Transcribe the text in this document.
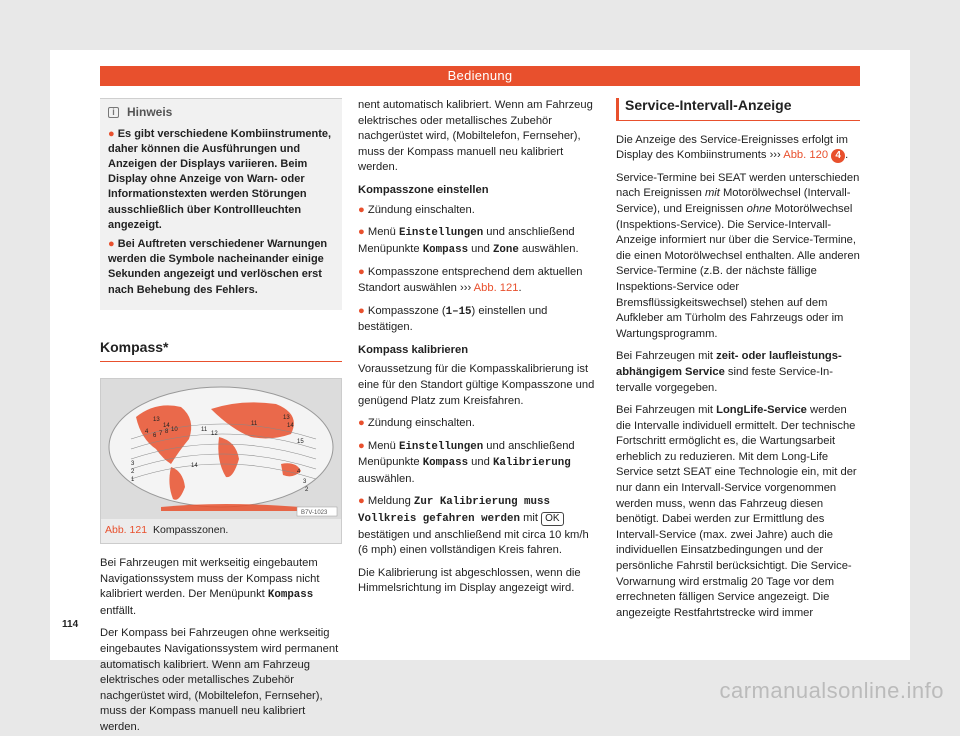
Bedienung
i	Hinweis
● Es gibt verschiedene Kombiinstrumente, daher können die Ausführungen und Anzeigen der Displays variieren. Beim Display ohne Anzeige von Warn- oder Informationstexten werden Störungen ausschließlich über Kontrollleuchten angezeigt.
● Bei Auftreten verschiedener Warnungen werden die Symbole nacheinander einige Sekunden angezeigt und verlöschen erst nach Behebung des Fehlers.
Kompass*
13
14
4
6 7 8 10	11
12
11
13
14
15
14
3
2
1
4
3
2
B7V-1023
Abb. 121 Kompasszonen.

Bei Fahrzeugen mit werkseitig eingebautem Navigationssystem muss der Kompass nicht kalibriert werden. Der Menüpunkt Kompass entfällt.

Der Kompass bei Fahrzeugen ohne werkseitig eingebautes Navigationssystem wird permanent automatisch kalibriert. Wenn am Fahrzeug elektrisches oder metallisches Zubehör nachgerüstet wird, (Mobiltelefon, Fernseher), muss der Kompass manuell neu kalibriert werden.

nent automatisch kalibriert. Wenn am Fahrzeug elektrisches oder metallisches Zubehör nachgerüstet wird, (Mobiltelefon, Fernseher), muss der Kompass manuell neu kalibriert werden.

Kompasszone einstellen

● Zündung einschalten.

● Menü Einstellungen und anschließend Menüpunkte Kompass und Zone auswählen.

● Kompasszone entsprechend dem aktuellen Standort auswählen ››› Abb. 121.

● Kompasszone (1–15) einstellen und bestätigen.

Kompass kalibrieren

Voraussetzung für die Kompasskalibrierung ist eine für den Standort gültige Kompasszone und genügend Platz zum Kreisfahren.

● Zündung einschalten.

● Menü Einstellungen und anschließend Menüpunkte Kompass und Kalibrierung auswählen.

● Meldung Zur Kalibrierung muss Vollkreis gefahren werden mit OK bestätigen und anschließend mit circa 10 km/h (6 mph) einen vollständigen Kreis fahren.

Die Kalibrierung ist abgeschlossen, wenn die Himmelsrichtung im Display angezeigt wird.

Service-Intervall-Anzeige

Die Anzeige des Service-Ereignisses erfolgt im Display des Kombiinstruments ››› Abb. 120 4 .

Service-Termine bei SEAT werden unterschieden nach Ereignissen mit Motorölwechsel (Intervall-Service), und Ereignissen ohne Motorölwechsel (Inspektions-Service). Die Service-Intervall-Anzeige informiert nur über die Service-Termine, die einen Motorölwechsel enthalten. Alle anderen Service-Termine (z.B. der nächste fällige Inspektions-Service oder Bremsflüssigkeitswechsel) stehen auf dem Aufkleber am Türholm des Fahrzeugs oder im Wartungsprogramm.

Bei Fahrzeugen mit zeit- oder laufleistungsabhängigem Service sind feste Service-Intervalle vorgegeben.

Bei Fahrzeugen mit LongLife-Service werden die Intervalle individuell ermittelt. Der technische Fortschritt ermöglicht es, die Wartungsarbeit erheblich zu reduzieren. Mit dem Long-Life Service setzt SEAT eine Technologie ein, mit der nur dann ein Intervall-Service vorgenommen werden muss, wenn das Fahrzeug diesen benötigt. Dabei werden zur Ermittlung des Intervall-Service (max. zwei Jahre) auch die individuellen Einsatzbedingungen und der persönliche Fahrstil berücksichtigt. Die Service-Vorwarnung wird erstmalig 20 Tage vor dem errechneten fälligen Service angezeigt. Die angezeigte Restfahrtstrecke wird immer

114
carmanualsonline.info
